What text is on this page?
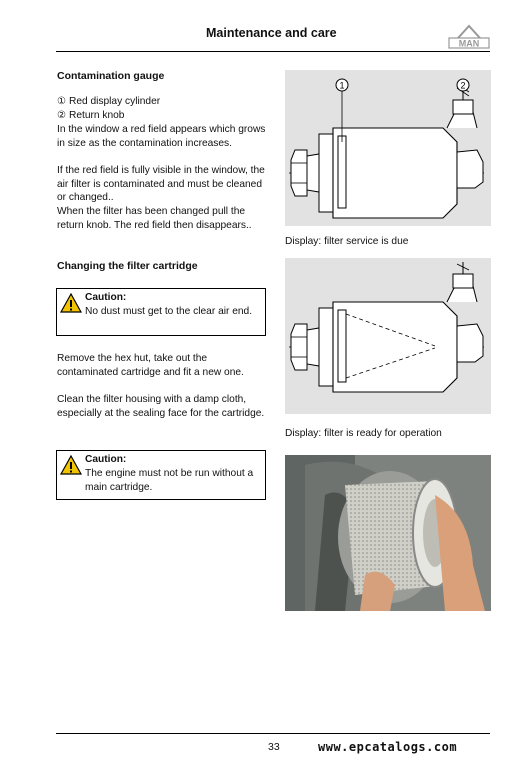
Maintenance and care
MAN
Contamination gauge
① Red display cylinder
② Return knob
In the window a red field appears which grows in size as the contamination increases.
If the red field is fully visible in the window, the air filter is contaminated and must be cleaned or changed..
When the filter has been changed pull the return knob. The red field then disappears..
Changing the filter cartridge
Caution:
No dust must get to the clear air end.
Remove the hex hut, take out the contaminated cartridge and fit a new one.
Clean the filter housing with a damp cloth, especially at the sealing face for the cartridge.
Caution:
The engine must not be run without a main cartridge.
1	2
Display: filter service is due
Display: filter is ready for operation
33	www.epcatalogs.com
